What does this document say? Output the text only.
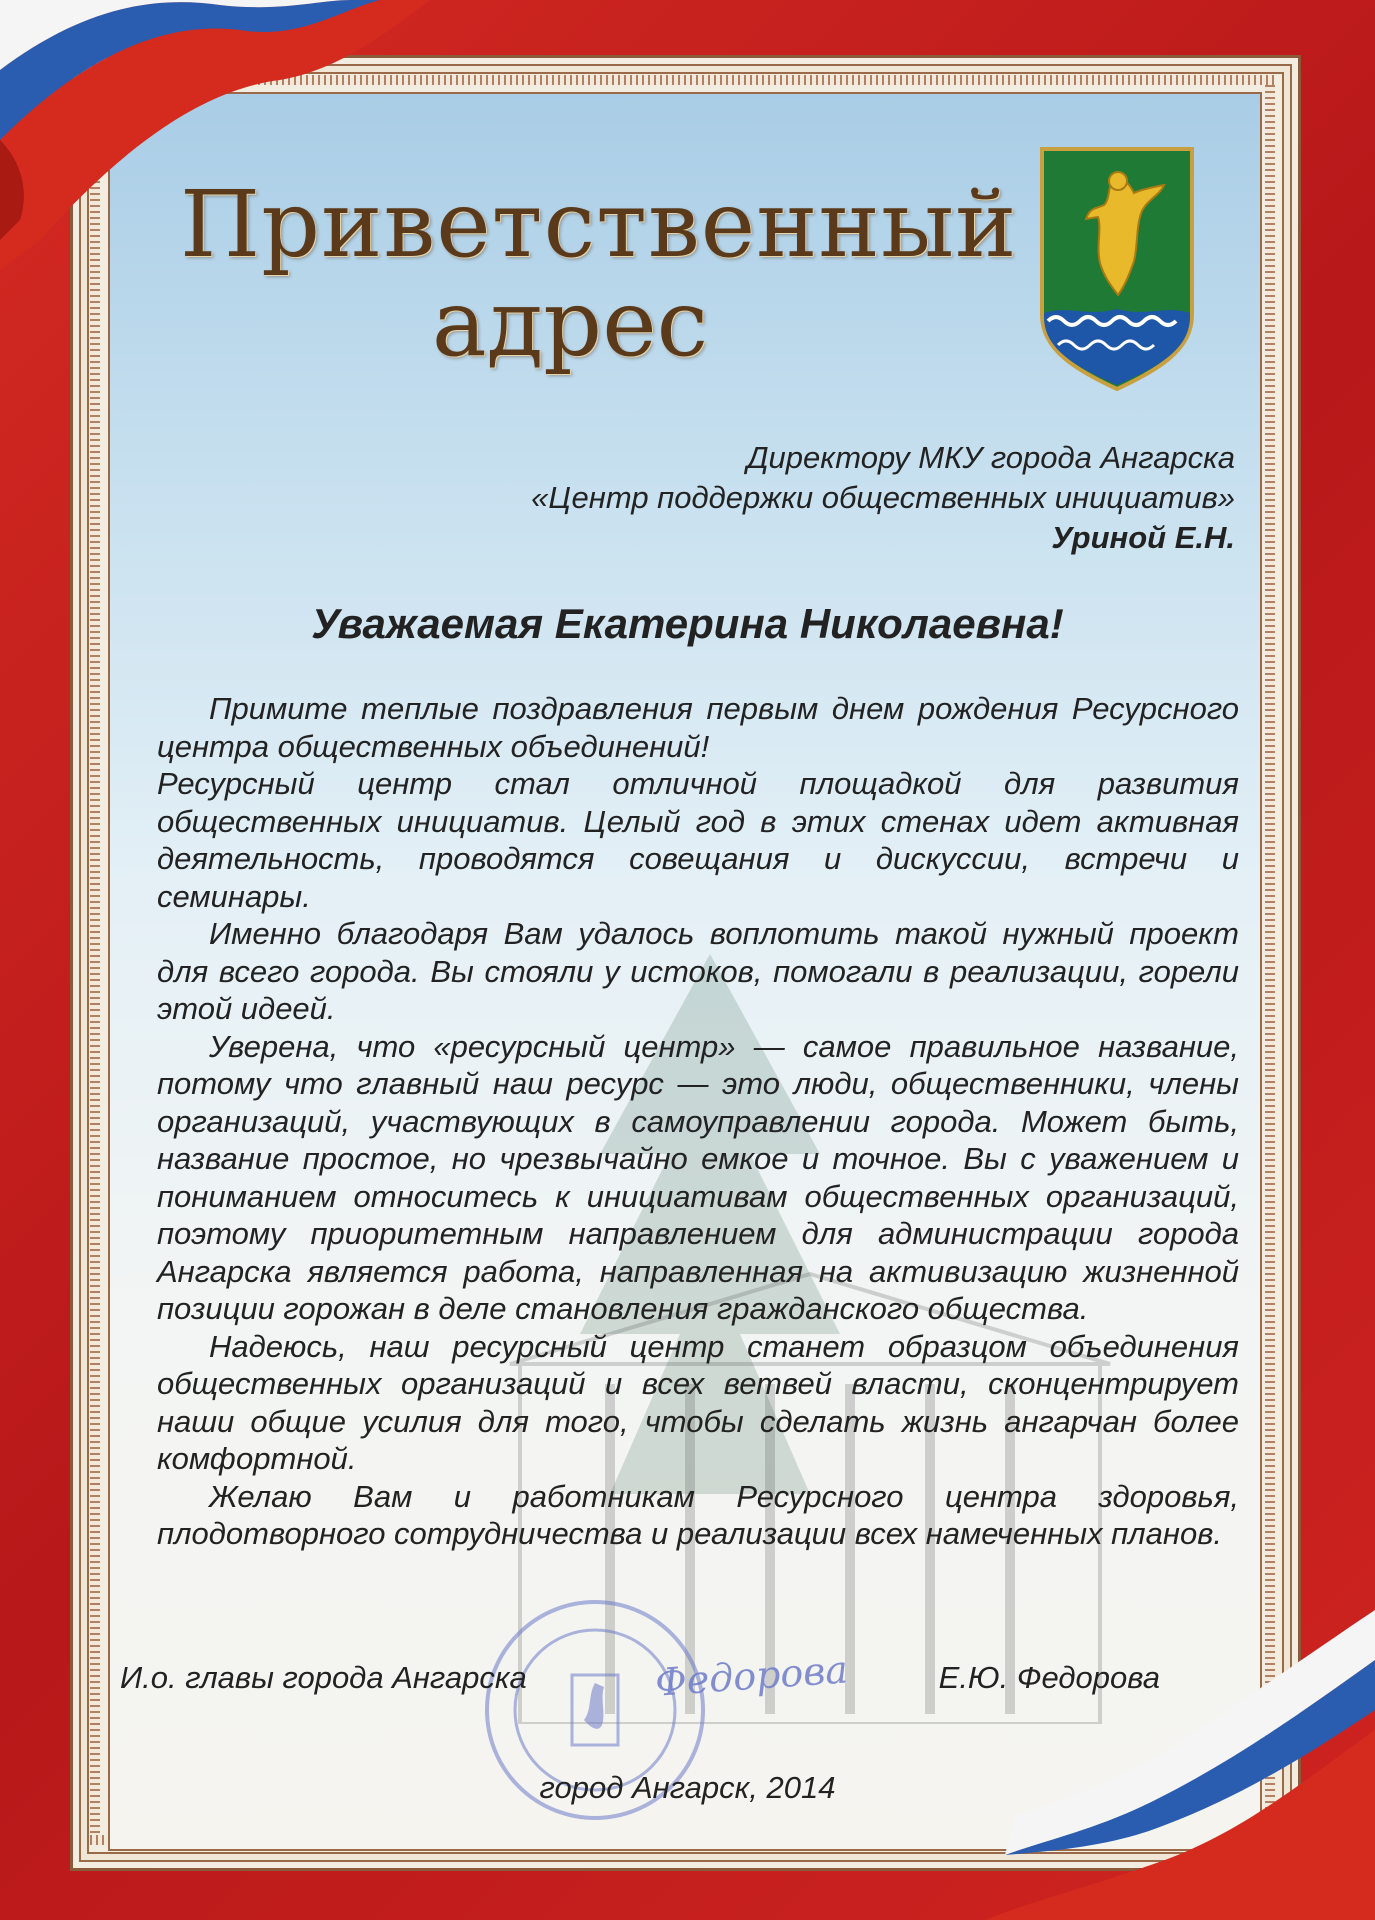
Приветственный
адрес
Директору МКУ города Ангарска
«Центр поддержки общественных инициатив»
Уриной Е.Н.
Уважаемая Екатерина Николаевна!

Примите теплые поздравления первым днем рождения Ресурсного центра общественных объединений!

Ресурсный центр стал отличной площадкой для развития общественных инициатив. Целый год в этих стенах идет активная деятельность, проводятся совещания и дискуссии, встречи и семинары.

Именно благодаря Вам удалось воплотить такой нужный проект для всего города. Вы стояли у истоков, помогали в реализации, горели этой идеей.

Уверена, что «ресурсный центр» — самое правильное название, потому что главный наш ресурс — это люди, общественники, члены организаций, участвующих в самоуправлении города. Может быть, название простое, но чрезвычайно емкое и точное. Вы с уважением и пониманием относитесь к инициативам общественных организаций, поэтому приоритетным направлением для администрации города Ангарска является работа, направленная на активизацию жизненной позиции горожан в деле становления гражданского общества.

Надеюсь, наш ресурсный центр станет образцом объединения общественных организаций и всех ветвей власти, сконцентрирует наши общие усилия для того, чтобы сделать жизнь ангарчан более комфортной.

Желаю Вам и работникам Ресурсного центра здоровья, плодотворного сотрудничества и реализации всех намеченных планов.

И.о. главы города Ангарска	Федорова	Е.Ю. Федорова
город Ангарск, 2014
